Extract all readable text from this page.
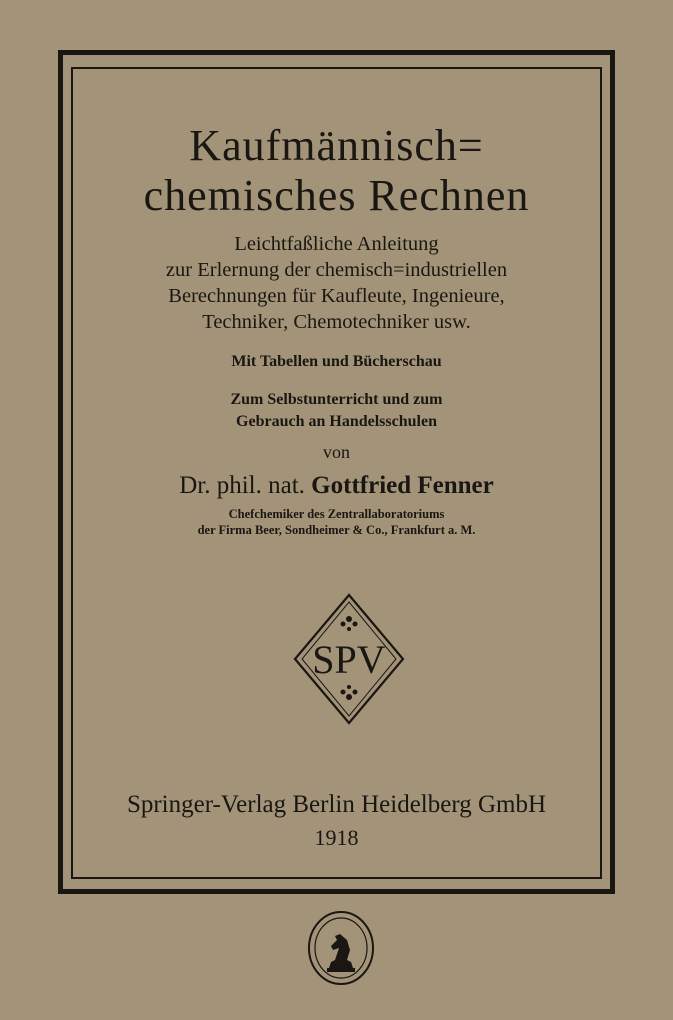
Kaufmännisch=
chemisches Rechnen
Leichtfaßliche Anleitung
zur Erlernung der chemisch=industriellen
Berechnungen für Kaufleute, Ingenieure,
Techniker, Chemotechniker usw.
Mit Tabellen und Bücherschau
Zum Selbstunterricht und zum
Gebrauch an Handelsschulen
von
Dr. phil. nat. Gottfried Fenner
Chefchemiker des Zentrallaboratoriums
der Firma Beer, Sondheimer & Co., Frankfurt a. M.
SPV
Springer-Verlag Berlin Heidelberg GmbH
1918
